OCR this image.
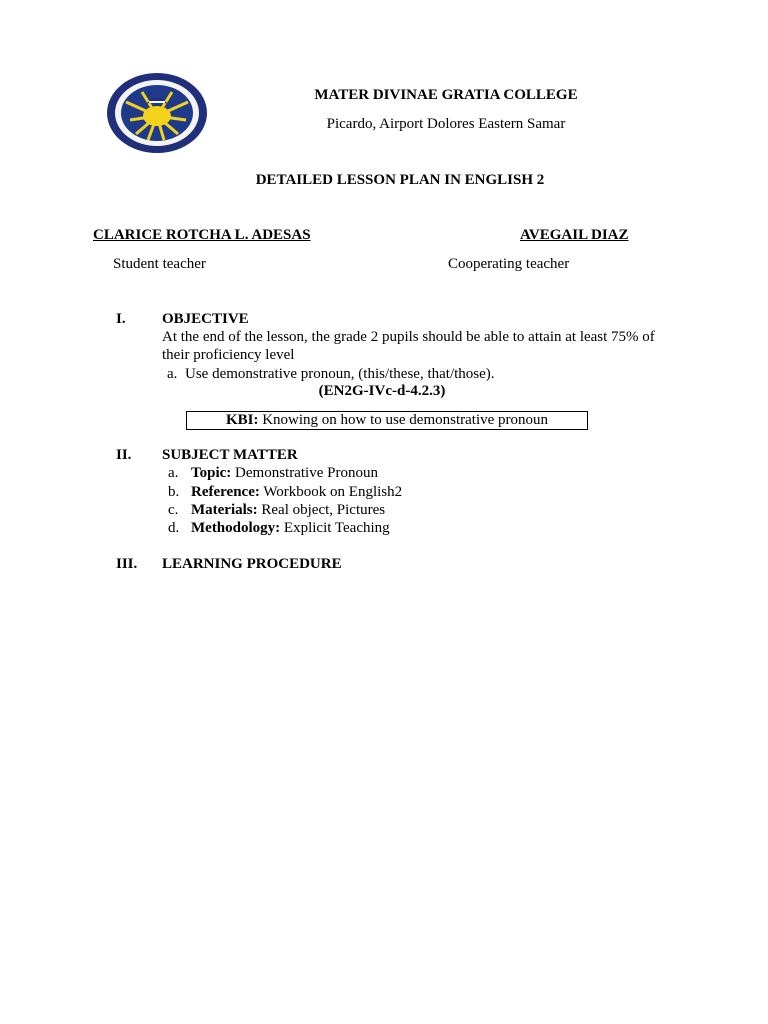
MATER DIVINAE GRATIA COLLEGE
Picardo, Airport Dolores Eastern Samar
DETAILED LESSON PLAN IN ENGLISH 2
CLARICE ROTCHA L. ADESAS
Student teacher
AVEGAIL DIAZ
Cooperating teacher
I. OBJECTIVE
At the end of the lesson, the grade 2 pupils should be able to attain at least 75% of
their proficiency level
a. Use demonstrative pronoun, (this/these, that/those).
(EN2G-IVc-d-4.2.3)
KBI: Knowing on how to use demonstrative pronoun
II. SUBJECT MATTER
a. Topic: Demonstrative Pronoun
b. Reference: Workbook on English2
c. Materials: Real object, Pictures
d. Methodology: Explicit Teaching
III. LEARNING PROCEDURE
